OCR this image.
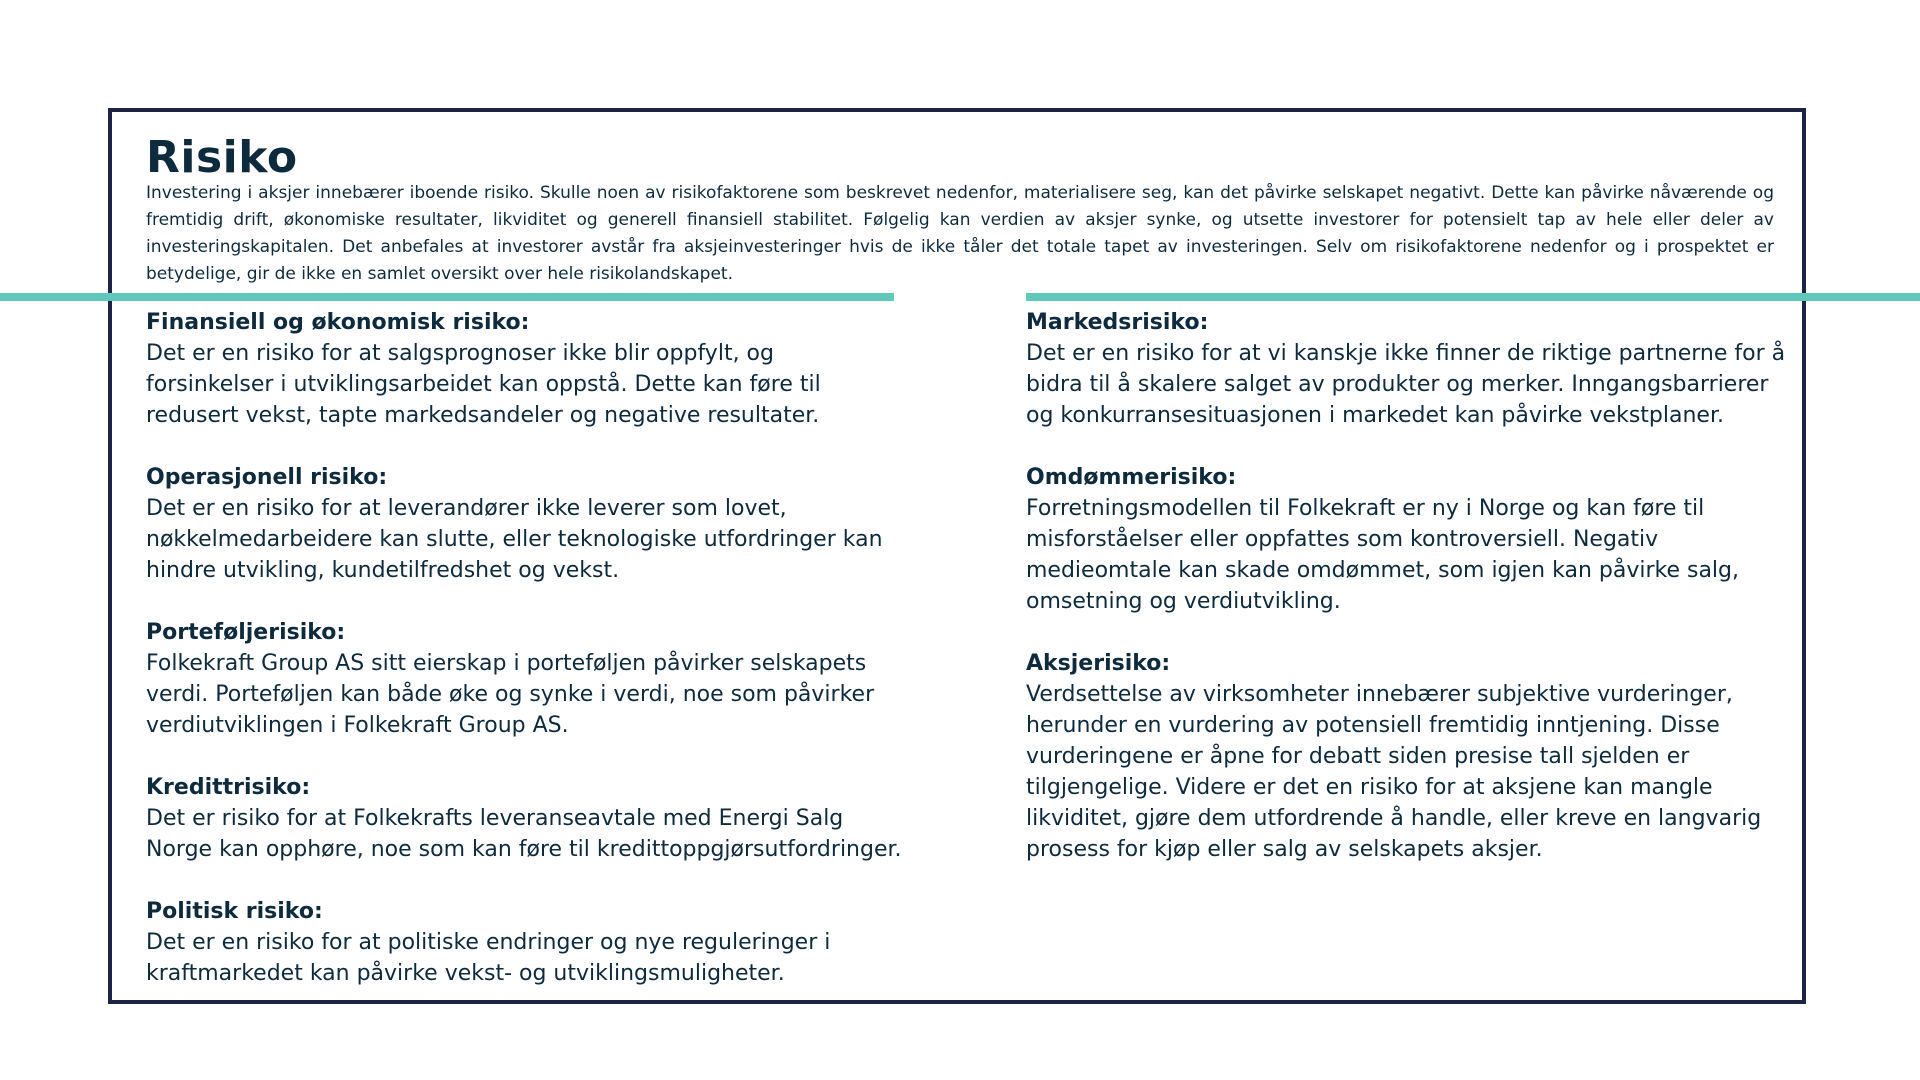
Risiko

Investering i aksjer innebærer iboende risiko. Skulle noen av risikofaktorene som beskrevet nedenfor, materialisere seg, kan det påvirke selskapet negativt. Dette kan påvirke nåværende og fremtidig drift, økonomiske resultater, likviditet og generell finansiell stabilitet. Følgelig kan verdien av aksjer synke, og utsette investorer for potensielt tap av hele eller deler av investeringskapitalen. Det anbefales at investorer avstår fra aksjeinvesteringer hvis de ikke tåler det totale tapet av investeringen. Selv om risikofaktorene nedenfor og i prospektet er betydelige, gir de ikke en samlet oversikt over hele risikolandskapet.

Finansiell og økonomisk risiko:

Det er en risiko for at salgsprognoser ikke blir oppfylt, og forsinkelser i utviklingsarbeidet kan oppstå. Dette kan føre til redusert vekst, tapte markedsandeler og negative resultater.

Operasjonell risiko:

Det er en risiko for at leverandører ikke leverer som lovet, nøkkelmedarbeidere kan slutte, eller teknologiske utfordringer kan hindre utvikling, kundetilfredshet og vekst.

Porteføljerisiko:

Folkekraft Group AS sitt eierskap i porteføljen påvirker selskapets verdi. Porteføljen kan både øke og synke i verdi, noe som påvirker verdiutviklingen i Folkekraft Group AS.

Kredittrisiko:

Det er risiko for at Folkekrafts leveranseavtale med Energi Salg Norge kan opphøre, noe som kan føre til kredittoppgjørsutfordringer.

Politisk risiko:

Det er en risiko for at politiske endringer og nye reguleringer i kraftmarkedet kan påvirke vekst- og utviklingsmuligheter.

Markedsrisiko:

Det er en risiko for at vi kanskje ikke finner de riktige partnerne for å bidra til å skalere salget av produkter og merker. Inngangsbarrierer og konkurransesituasjonen i markedet kan påvirke vekstplaner.

Omdømmerisiko:

Forretningsmodellen til Folkekraft er ny i Norge og kan føre til misforståelser eller oppfattes som kontroversiell. Negativ medieomtale kan skade omdømmet, som igjen kan påvirke salg, omsetning og verdiutvikling.

Aksjerisiko:

Verdsettelse av virksomheter innebærer subjektive vurderinger, herunder en vurdering av potensiell fremtidig inntjening. Disse vurderingene er åpne for debatt siden presise tall sjelden er tilgjengelige. Videre er det en risiko for at aksjene kan mangle likviditet, gjøre dem utfordrende å handle, eller kreve en langvarig prosess for kjøp eller salg av selskapets aksjer.
